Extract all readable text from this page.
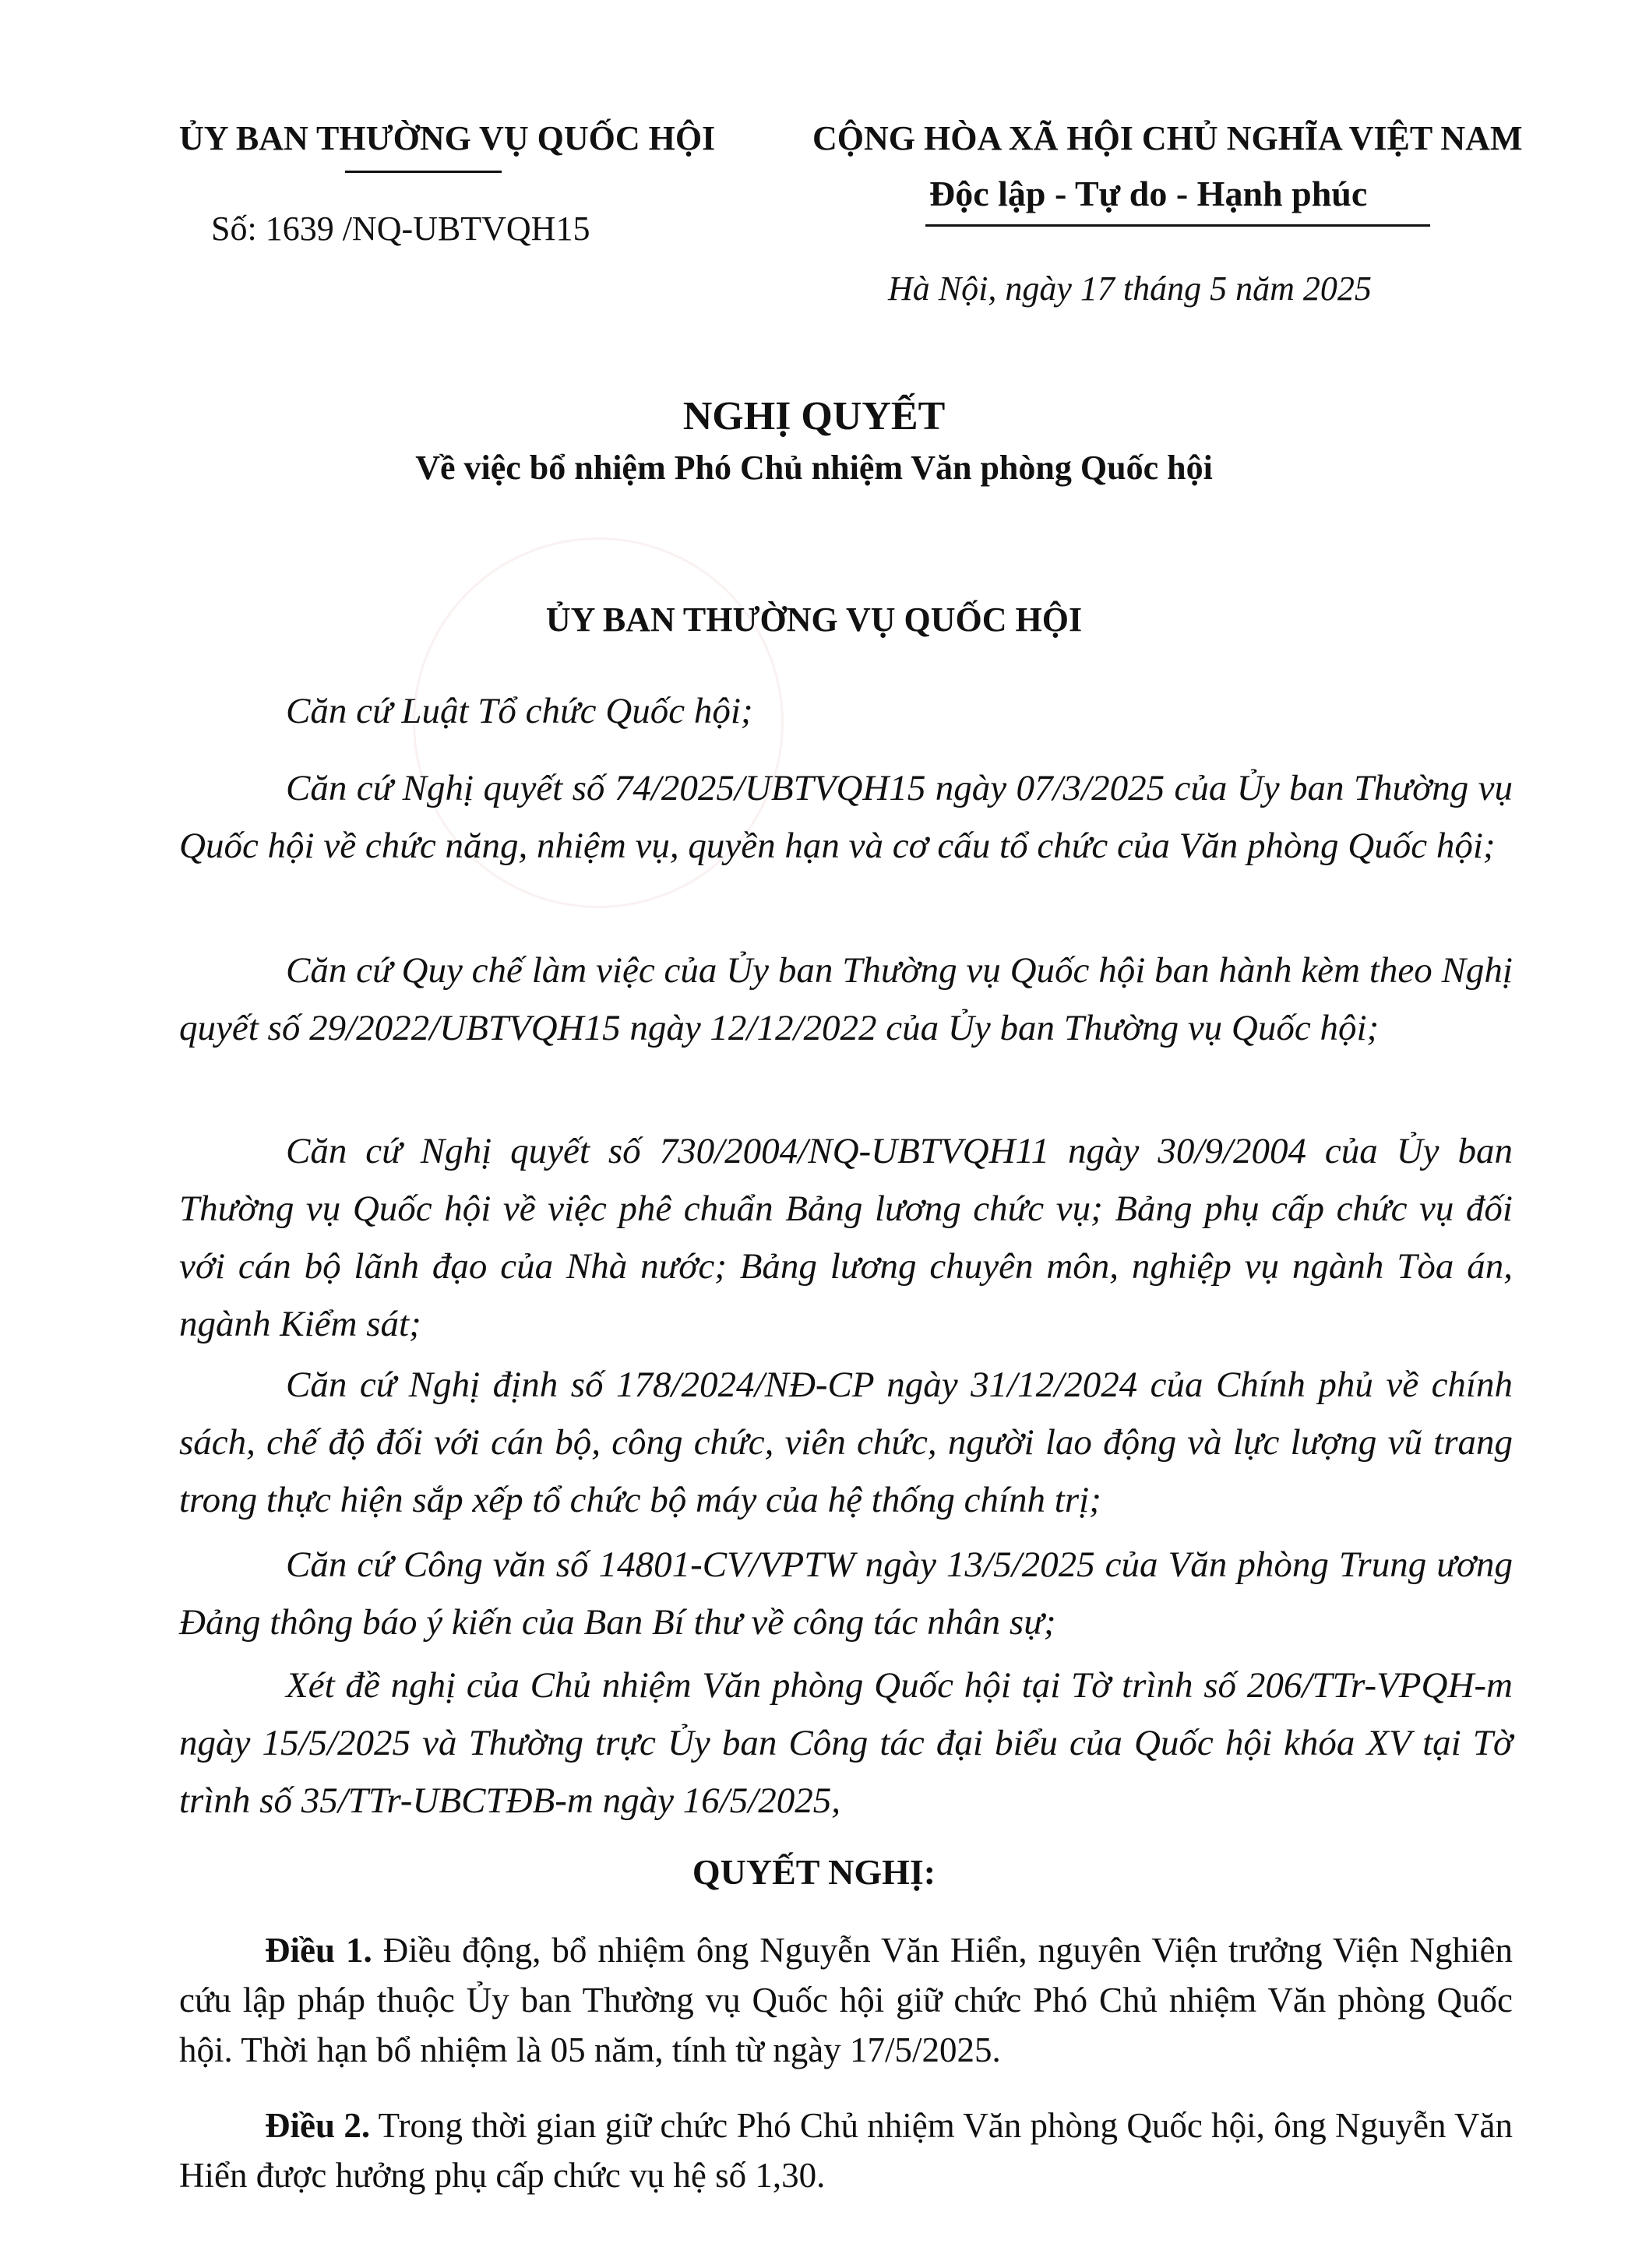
ỦY BAN THƯỜNG VỤ QUỐC HỘI
Số: 1639 /NQ-UBTVQH15
CỘNG HÒA XÃ HỘI CHỦ NGHĨA VIỆT NAM
Độc lập - Tự do - Hạnh phúc
Hà Nội, ngày 17 tháng 5 năm 2025
NGHỊ QUYẾT
Về việc bổ nhiệm Phó Chủ nhiệm Văn phòng Quốc hội
ỦY BAN THƯỜNG VỤ QUỐC HỘI
Căn cứ Luật Tổ chức Quốc hội;
Căn cứ Nghị quyết số 74/2025/UBTVQH15 ngày 07/3/2025 của Ủy ban Thường vụ Quốc hội về chức năng, nhiệm vụ, quyền hạn và cơ cấu tổ chức của Văn phòng Quốc hội;
Căn cứ Quy chế làm việc của Ủy ban Thường vụ Quốc hội ban hành kèm theo Nghị quyết số 29/2022/UBTVQH15 ngày 12/12/2022 của Ủy ban Thường vụ Quốc hội;
Căn cứ Nghị quyết số 730/2004/NQ-UBTVQH11 ngày 30/9/2004 của Ủy ban Thường vụ Quốc hội về việc phê chuẩn Bảng lương chức vụ; Bảng phụ cấp chức vụ đối với cán bộ lãnh đạo của Nhà nước; Bảng lương chuyên môn, nghiệp vụ ngành Tòa án, ngành Kiểm sát;
Căn cứ Nghị định số 178/2024/NĐ-CP ngày 31/12/2024 của Chính phủ về chính sách, chế độ đối với cán bộ, công chức, viên chức, người lao động và lực lượng vũ trang trong thực hiện sắp xếp tổ chức bộ máy của hệ thống chính trị;
Căn cứ Công văn số 14801-CV/VPTW ngày 13/5/2025 của Văn phòng Trung ương Đảng thông báo ý kiến của Ban Bí thư về công tác nhân sự;
Xét đề nghị của Chủ nhiệm Văn phòng Quốc hội tại Tờ trình số 206/TTr-VPQH-m ngày 15/5/2025 và Thường trực Ủy ban Công tác đại biểu của Quốc hội khóa XV tại Tờ trình số 35/TTr-UBCTĐB-m ngày 16/5/2025,
QUYẾT NGHỊ:
Điều 1. Điều động, bổ nhiệm ông Nguyễn Văn Hiển, nguyên Viện trưởng Viện Nghiên cứu lập pháp thuộc Ủy ban Thường vụ Quốc hội giữ chức Phó Chủ nhiệm Văn phòng Quốc hội. Thời hạn bổ nhiệm là 05 năm, tính từ ngày 17/5/2025.
Điều 2. Trong thời gian giữ chức Phó Chủ nhiệm Văn phòng Quốc hội, ông Nguyễn Văn Hiển được hưởng phụ cấp chức vụ hệ số 1,30.
